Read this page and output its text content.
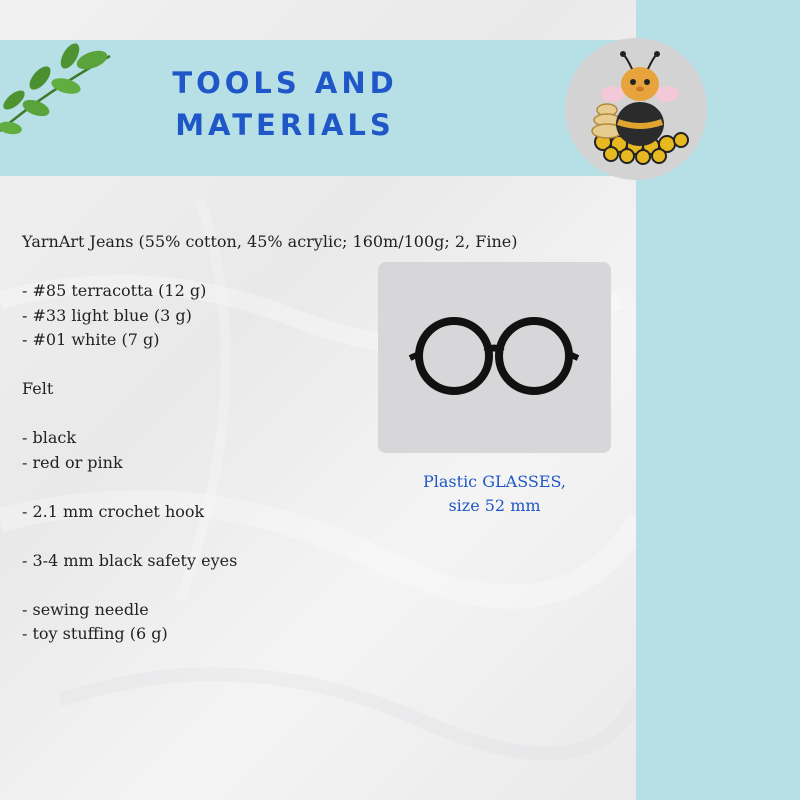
TOOLS AND
MATERIALS
YarnArt Jeans (55% cotton, 45% acrylic; 160m/100g; 2, Fine)
- #85 terracotta (12 g)
- #33 light blue (3 g)
- #01 white (7 g)
Felt
- black
- red or pink
- 2.1 mm crochet hook
- 3-4 mm black safety eyes
- sewing needle
- toy stuffing (6 g)
Plastic GLASSES,
size 52 mm
